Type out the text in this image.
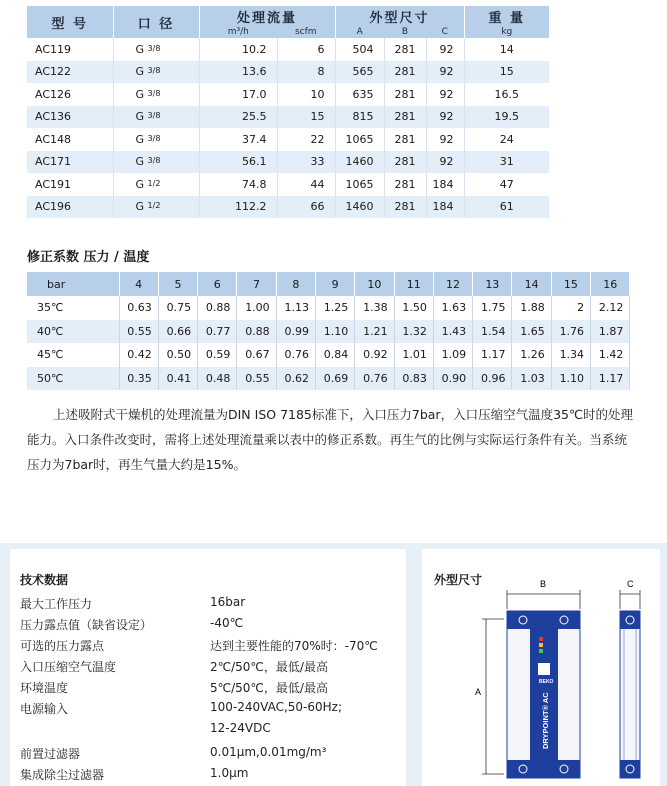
型 号	口 径	处理流量		外型尺寸			重 量
		m³/h	scfm	A	B	C	kg
AC119	G 3/8	10.2	6	504	281	92	14
AC122	G 3/8	13.6	8	565	281	92	15
AC126	G 3/8	17.0	10	635	281	92	16.5
AC136	G 3/8	25.5	15	815	281	92	19.5
AC148	G 3/8	37.4	22	1065	281	92	24
AC171	G 3/8	56.1	33	1460	281	92	31
AC191	G 1/2	74.8	44	1065	281	184	47
AC196	G 1/2	112.2	66	1460	281	184	61
修正系数 压力 / 温度
bar	4	5	6	7	8	9	10	11	12	13	14	15	16
35℃	0.63	0.75	0.88	1.00	1.13	1.25	1.38	1.50	1.63	1.75	1.88	2	2.12
40℃	0.55	0.66	0.77	0.88	0.99	1.10	1.21	1.32	1.43	1.54	1.65	1.76	1.87
45℃	0.42	0.50	0.59	0.67	0.76	0.84	0.92	1.01	1.09	1.17	1.26	1.34	1.42
50℃	0.35	0.41	0.48	0.55	0.62	0.69	0.76	0.83	0.90	0.96	1.03	1.10	1.17

上述吸附式干燥机的处理流量为DIN ISO 7185标准下，入口压力7bar，入口压缩空气温度35℃时的处理能力。入口条件改变时，需将上述处理流量乘以表中的修正系数。再生气的比例与实际运行条件有关。当系统压力为7bar时，再生气量大约是15%。

技术数据
最大工作压力	16bar
压力露点值（缺省设定）	-40℃
可选的压力露点	达到主要性能的70%时：-70℃
入口压缩空气温度	2℃/50℃，最低/最高
环境温度	5℃/50℃，最低/最高
电源输入	100-240VAC,50-60Hz;
12-24VDC
前置过滤器	0.01μm,0.01mg/m³
集成除尘过滤器	1.0μm
外型尺寸	B	C
A
BEKO
DRYPOINT® AC
